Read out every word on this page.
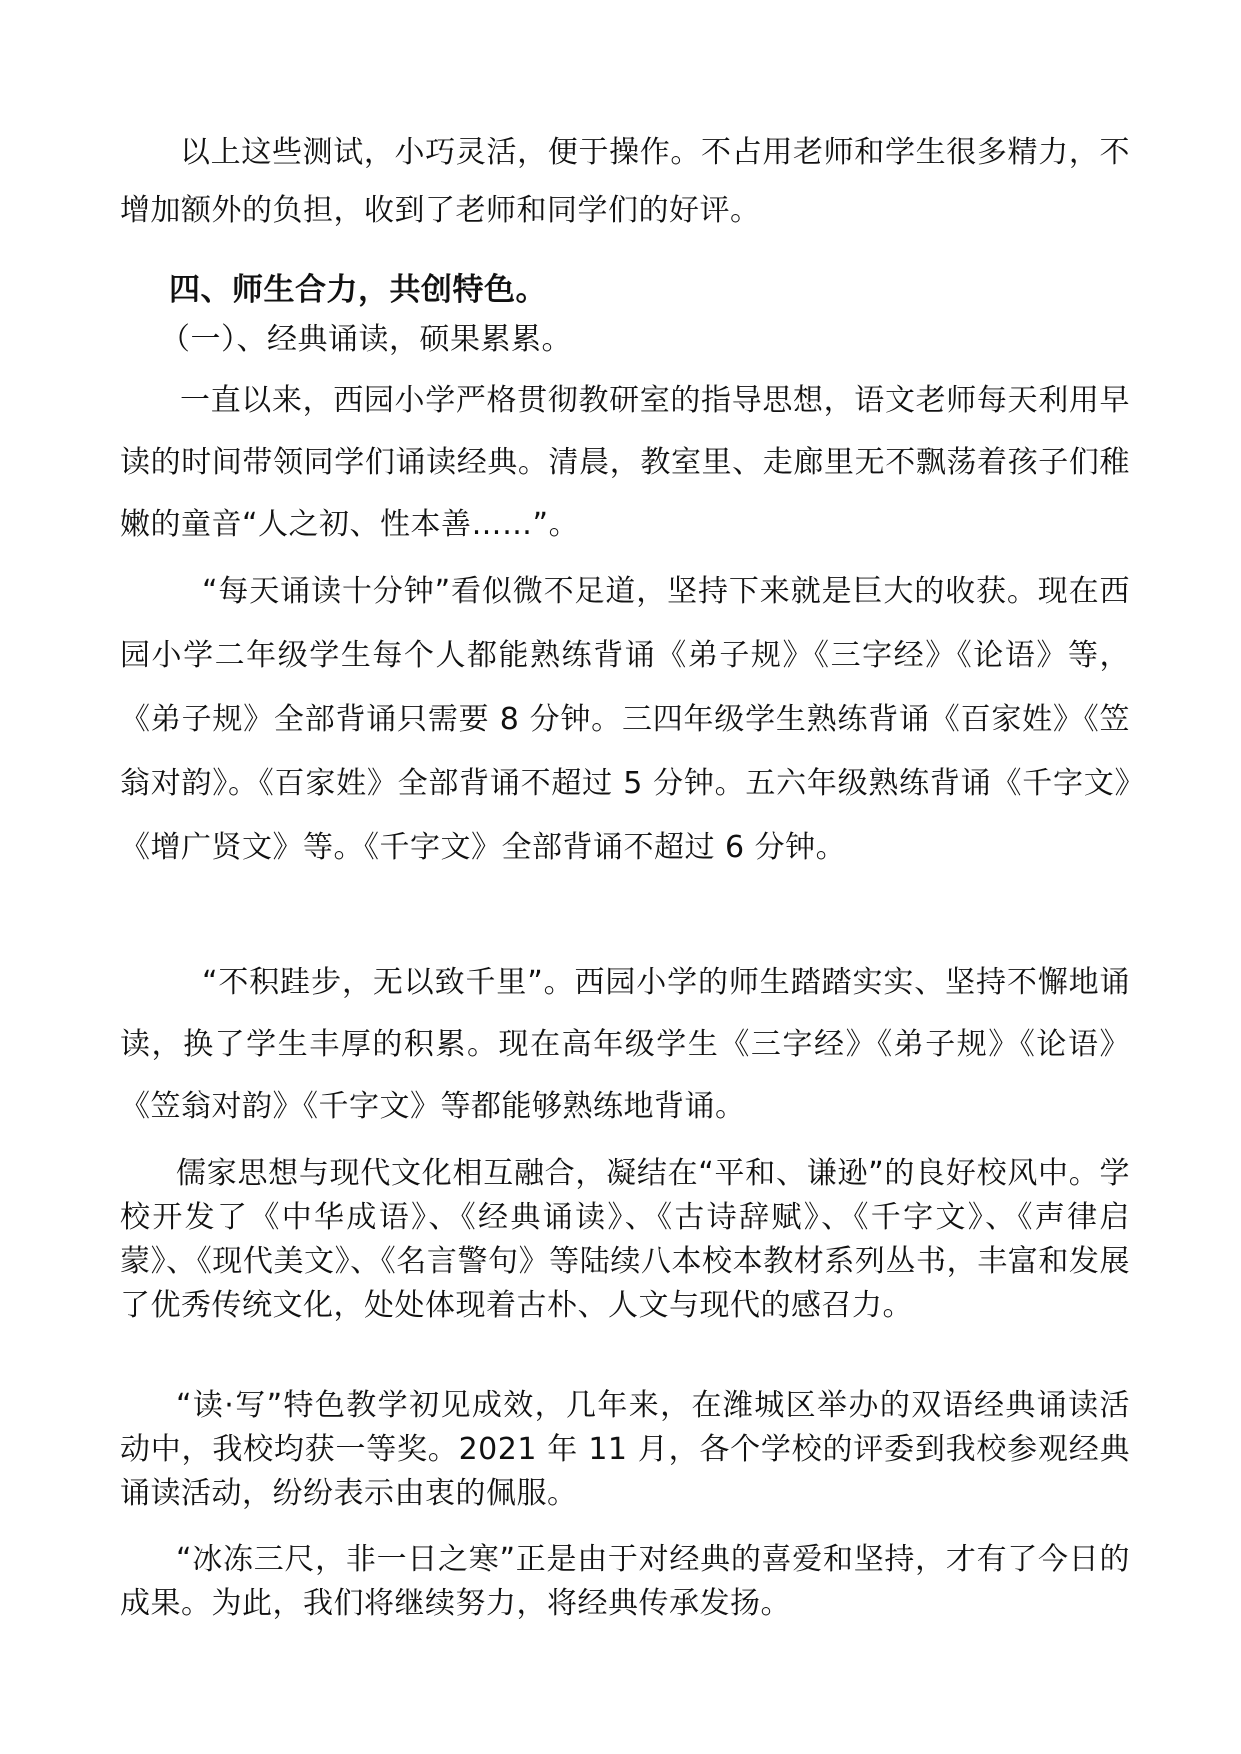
以上这些测试，小巧灵活，便于操作。不占用老师和学生很多精力，不增加额外的负担，收到了老师和同学们的好评。

四、师生合力，共创特色。

（一）、经典诵读，硕果累累。

一直以来，西园小学严格贯彻教研室的指导思想，语文老师每天利用早读的时间带领同学们诵读经典。清晨，教室里、走廊里无不飘荡着孩子们稚嫩的童音“人之初、性本善……”。

“每天诵读十分钟”看似微不足道，坚持下来就是巨大的收获。现在西园小学二年级学生每个人都能熟练背诵《弟子规》《三字经》《论语》等，《弟子规》全部背诵只需要 8 分钟。三四年级学生熟练背诵《百家姓》《笠翁对韵》。《百家姓》全部背诵不超过 5 分钟。五六年级熟练背诵《千字文》《增广贤文》等。《千字文》全部背诵不超过 6 分钟。

“不积跬步，无以致千里”。西园小学的师生踏踏实实、坚持不懈地诵读，换了学生丰厚的积累。现在高年级学生《三字经》《弟子规》《论语》《笠翁对韵》《千字文》等都能够熟练地背诵。

儒家思想与现代文化相互融合，凝结在“平和、谦逊”的良好校风中。学校开发了《中华成语》、《经典诵读》、《古诗辞赋》、《千字文》、《声律启蒙》、《现代美文》、《名言警句》等陆续八本校本教材系列丛书，丰富和发展了优秀传统文化，处处体现着古朴、人文与现代的感召力。

“读·写”特色教学初见成效，几年来，在潍城区举办的双语经典诵读活动中，我校均获一等奖。2021 年 11 月，各个学校的评委到我校参观经典诵读活动，纷纷表示由衷的佩服。

“冰冻三尺，非一日之寒”正是由于对经典的喜爱和坚持，才有了今日的成果。为此，我们将继续努力，将经典传承发扬。
